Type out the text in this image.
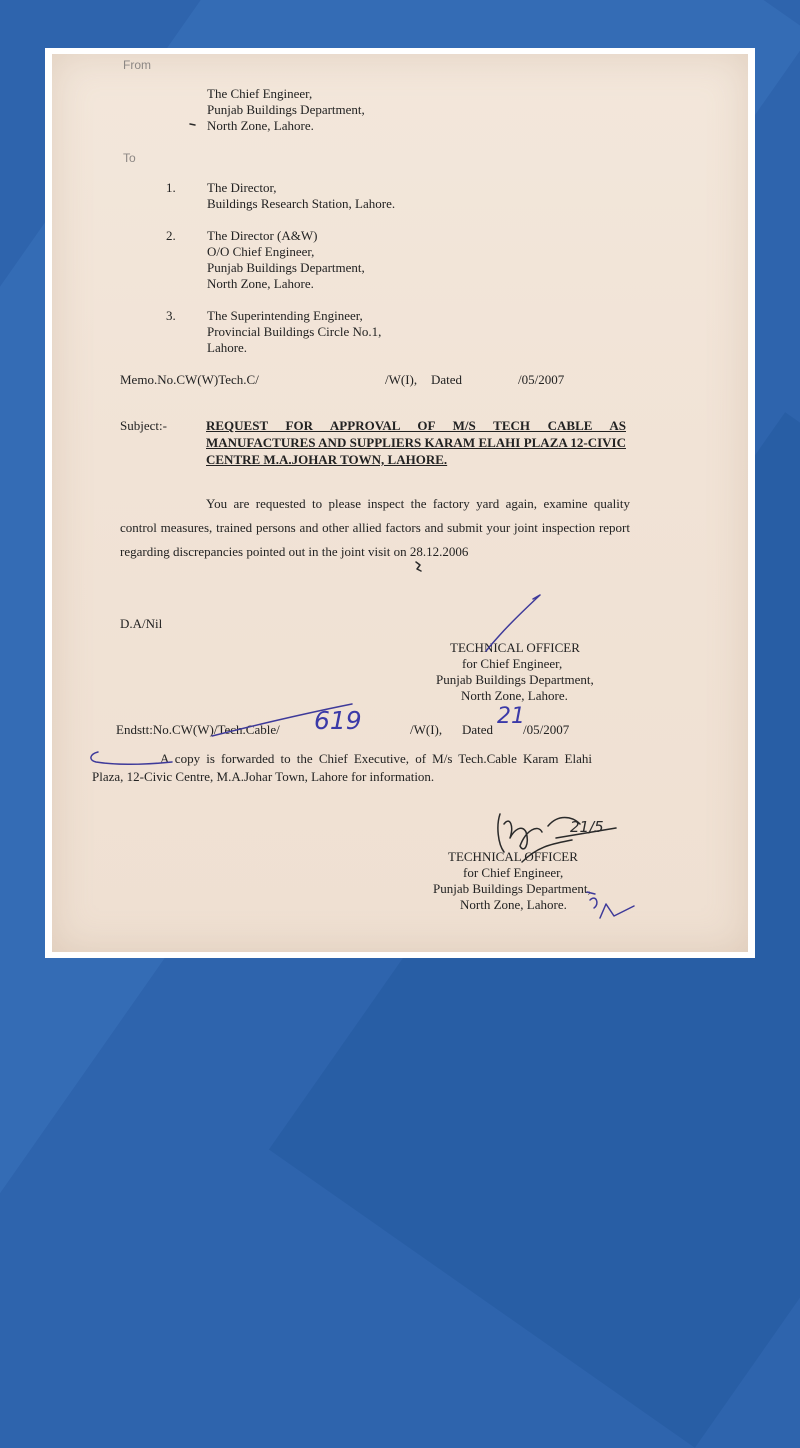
From
The Chief Engineer,
Punjab Buildings Department,
North Zone, Lahore.
To
1. The Director,
Buildings Research Station, Lahore.
2. The Director (A&W)
O/O Chief Engineer,
Punjab Buildings Department,
North Zone, Lahore.
3. The Superintending Engineer,
Provincial Buildings Circle No.1,
Lahore.
Memo.No.CW(W)Tech.C/	/W(I), Dated	/05/2007
Subject:-	REQUEST FOR APPROVAL OF M/S TECH CABLE AS MANUFACTURES AND SUPPLIERS KARAM ELAHI PLAZA 12-CIVIC CENTRE M.A.JOHAR TOWN, LAHORE.
You are requested to please inspect the factory yard again, examine quality control measures, trained persons and other allied factors and submit your joint inspection report regarding discrepancies pointed out in the joint visit on 28.12.2006
D.A/Nil
TECHNICAL OFFICER
for Chief Engineer,
Punjab Buildings Department,
North Zone, Lahore.
Endstt:No.CW(W)/Tech.Cable/ 619	/W(I), Dated
21
/05/2007
A copy is forwarded to the Chief Executive, of M/s Tech.Cable Karam Elahi Plaza, 12-Civic Centre, M.A.Johar Town, Lahore for information.
TECHNICAL OFFICER
for Chief Engineer,
Punjab Buildings Department,
North Zone, Lahore.
21/5
